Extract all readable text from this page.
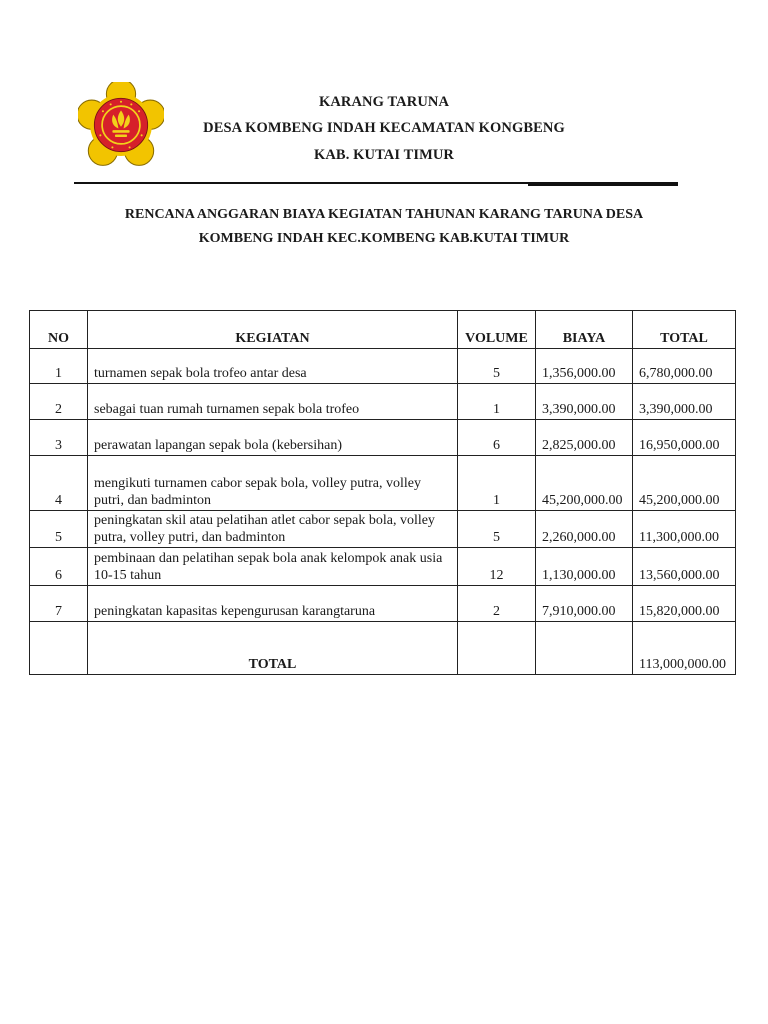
KARANG TARUNA
DESA KOMBENG INDAH KECAMATAN KONGBENG
KAB. KUTAI TIMUR
RENCANA ANGGARAN BIAYA KEGIATAN TAHUNAN KARANG TARUNA DESA
KOMBENG INDAH KEC.KOMBENG KAB.KUTAI TIMUR
NO	KEGIATAN	VOLUME	BIAYA	TOTAL
1	turnamen sepak bola trofeo antar desa	5	1,356,000.00	6,780,000.00
2	sebagai tuan rumah turnamen sepak bola trofeo	1	3,390,000.00	3,390,000.00
3	perawatan lapangan sepak bola (kebersihan)	6	2,825,000.00	16,950,000.00
4	mengikuti turnamen cabor sepak bola, volley putra, volley putri, dan badminton	1	45,200,000.00	45,200,000.00
5	peningkatan skil atau pelatihan atlet cabor sepak bola, volley putra, volley putri, dan badminton	5	2,260,000.00	11,300,000.00
6	pembinaan dan pelatihan sepak bola anak kelompok anak usia 10-15 tahun	12	1,130,000.00	13,560,000.00
7	peningkatan kapasitas kepengurusan karangtaruna	2	7,910,000.00	15,820,000.00
	TOTAL			113,000,000.00
